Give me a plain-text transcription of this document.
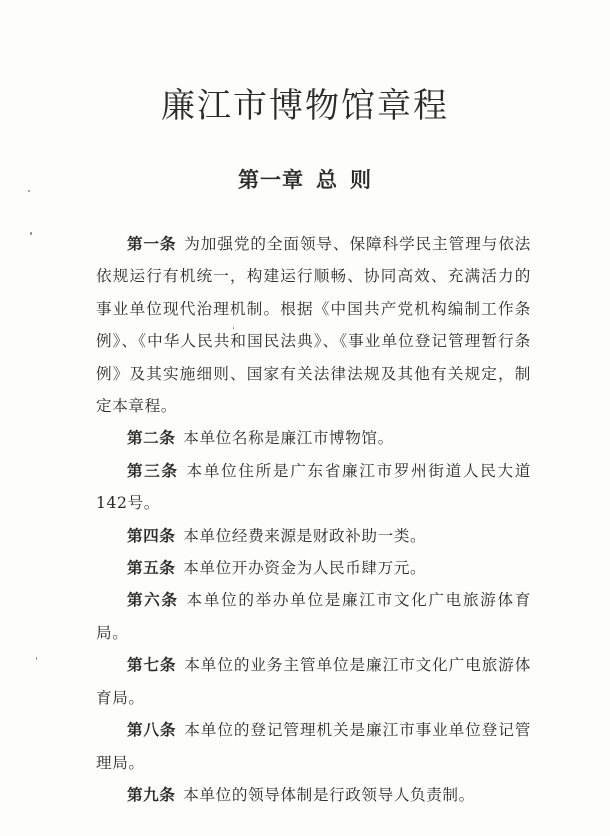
廉江市博物馆章程
第一章 总 则

第一条 为加强党的全面领导、保障科学民主管理与依法依规运行有机统一，构建运行顺畅、协同高效、充满活力的事业单位现代治理机制。根据《中国共产党机构编制工作条例》、《中华人民共和国民法典》、《事业单位登记管理暂行条例》及其实施细则、国家有关法律法规及其他有关规定，制定本章程。

第二条 本单位名称是廉江市博物馆。

第三条 本单位住所是广东省廉江市罗州街道人民大道142号。

第四条 本单位经费来源是财政补助一类。

第五条 本单位开办资金为人民币肆万元。

第六条 本单位的举办单位是廉江市文化广电旅游体育局。

第七条 本单位的业务主管单位是廉江市文化广电旅游体育局。

第八条 本单位的登记管理机关是廉江市事业单位登记管理局。

第九条 本单位的领导体制是行政领导人负责制。
